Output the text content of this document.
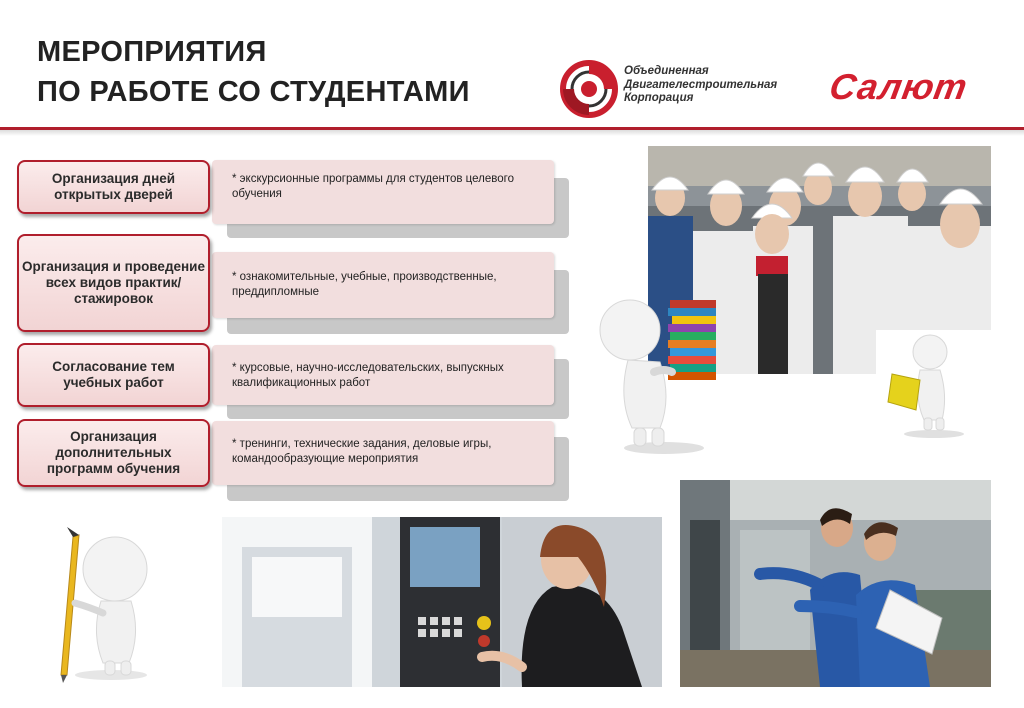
МЕРОПРИЯТИЯ
ПО РАБОТЕ СО СТУДЕНТАМИ
Объединенная
Двигателестроительная
Корпорация	Салют
* экскурсионные программы для студентов целевого обучения
Организация дней открытых дверей
* ознакомительные, учебные, производственные, преддипломные
Организация и проведение всех видов практик/стажировок
* курсовые, научно-исследовательских, выпускных квалификационных работ
Согласование тем учебных работ
* тренинги, технические задания, деловые игры, командообразующие мероприятия
Организация дополнительных программ обучения
